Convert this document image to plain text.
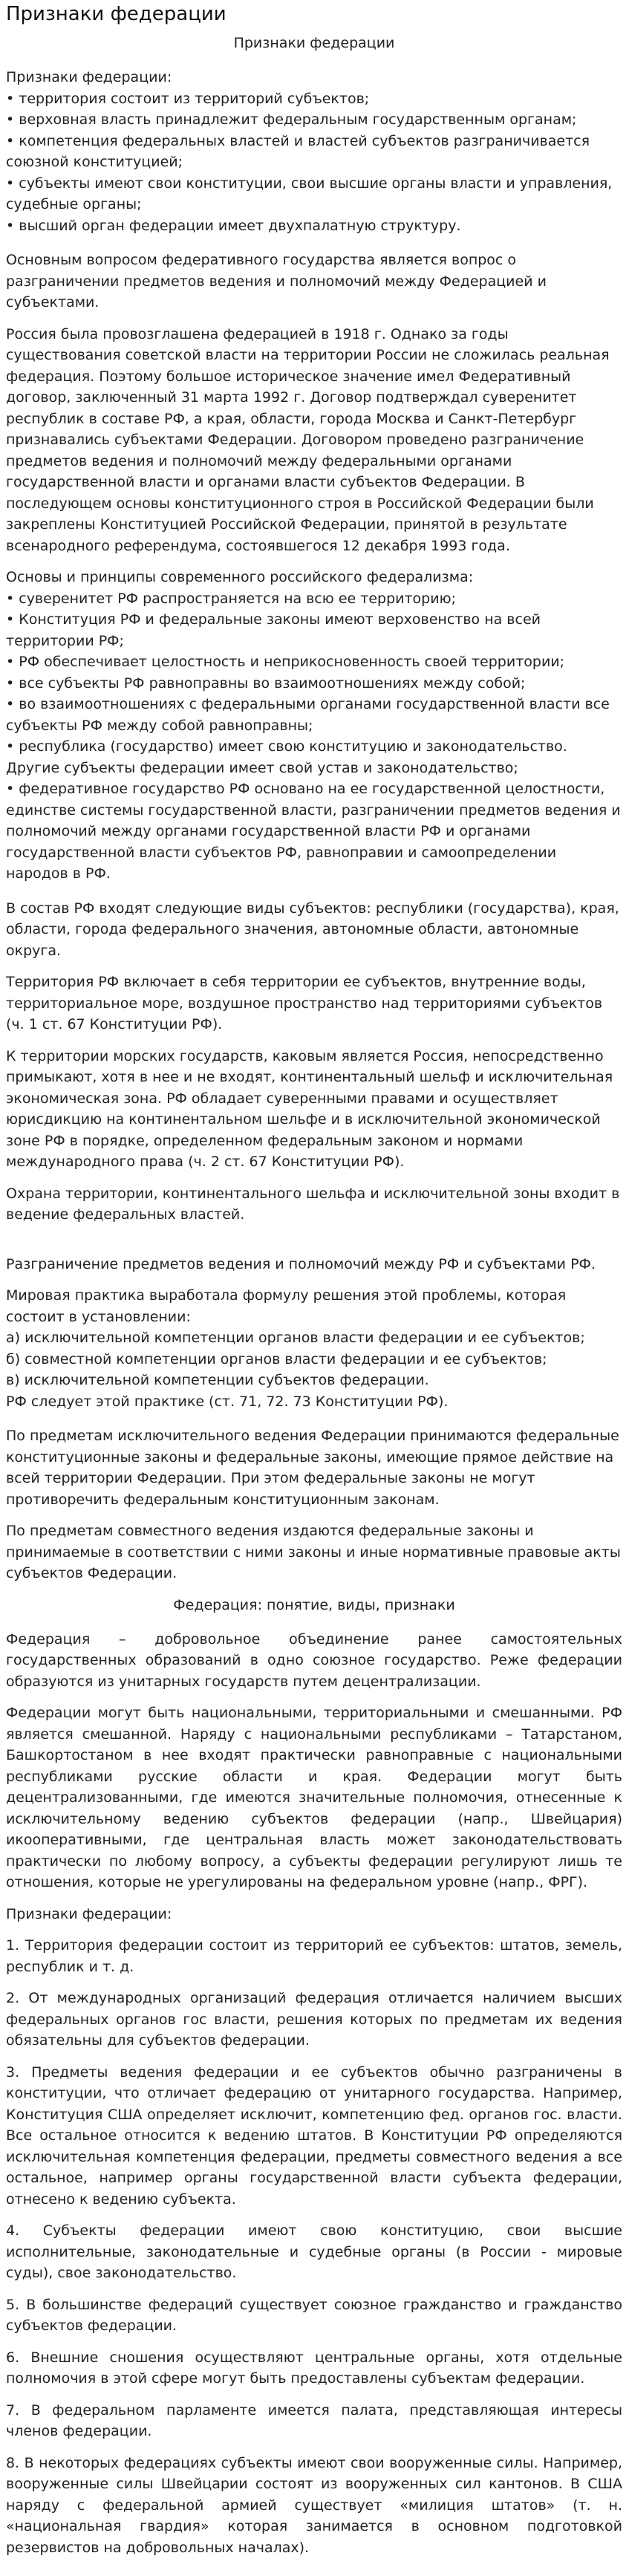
Признаки федерации
Признаки федерации
Признаки федерации:
• территория состоит из территорий субъектов;
• верховная власть принадлежит федеральным государственным органам;
• компетенция федеральных властей и властей субъектов разграничивается союзной конституцией;
• субъекты имеют свои конституции, свои высшие органы власти и управления, судебные органы;
• высший орган федерации имеет двухпалатную структуру.

Основным вопросом федеративного государства является вопрос о разграничении предметов ведения и полномочий между Федерацией и субъектами.

Россия была провозглашена федерацией в 1918 г. Однако за годы существования советской власти на территории России не сложилась реальная федерация. Поэтому большое историческое значение имел Федеративный договор, заключенный 31 марта 1992 г. Договор подтверждал суверенитет республик в составе РФ, а края, области, города Москва и Санкт-Петербург признавались субъектами Федерации. Договором проведено разграничение предметов ведения и полномочий между федеральными органами государственной власти и органами власти субъектов Федерации. В последующем основы конституционного строя в Российской Федерации были закреплены Конституцией Российской Федерации, принятой в результате всенародного референдума, состоявшегося 12 декабря 1993 года.

Основы и принципы современного российского федерализма:
• суверенитет РФ распространяется на всю ее территорию;
• Конституция РФ и федеральные законы имеют верховенство на всей территории РФ;
• РФ обеспечивает целостность и неприкосновенность своей территории;
• все субъекты РФ равноправны во взаимоотношениях между собой;
• во взаимоотношениях с федеральными органами государственной власти все субъекты РФ между собой равноправны;
• республика (государство) имеет свою конституцию и законодательство. Другие субъекты федерации имеет свой устав и законодательство;
• федеративное государство РФ основано на ее государственной целостности, единстве системы государственной власти, разграничении предметов ведения и полномочий между органами государственной власти РФ и органами государственной власти субъектов РФ, равноправии и самоопределении народов в РФ.

В состав РФ входят следующие виды субъектов: республики (государства), края, области, города федерального значения, автономные области, автономные округа.

Территория РФ включает в себя территории ее субъектов, внутренние воды, территориальное море, воздушное пространство над территориями субъектов (ч. 1 ст. 67 Конституции РФ).

К территории морских государств, каковым является Россия, непосредственно примыкают, хотя в нее и не входят, континентальный шельф и исключительная экономическая зона. РФ обладает суверенными правами и осуществляет юрисдикцию на континентальном шельфе и в исключительной экономической зоне РФ в порядке, определенном федеральным законом и нормами международного права (ч. 2 ст. 67 Конституции РФ).

Охрана территории, континентального шельфа и исключительной зоны входит в ведение федеральных властей.

Разграничение предметов ведения и полномочий между РФ и субъектами РФ.

Мировая практика выработала формулу решения этой проблемы, которая состоит в установлении:
а) исключительной компетенции органов власти федерации и ее субъектов;
б) совместной компетенции органов власти федерации и ее субъектов;
в) исключительной компетенции субъектов федерации.
РФ следует этой практике (ст. 71, 72. 73 Конституции РФ).

По предметам исключительного ведения Федерации принимаются федеральные конституционные законы и федеральные законы, имеющие прямое действие на всей территории Федерации. При этом федеральные законы не могут противоречить федеральным конституционным законам.

По предметам совместного ведения издаются федеральные законы и принимаемые в соответствии с ними законы и иные нормативные правовые акты субъектов Федерации.

Федерация: понятие, виды, признаки

Федерация – добровольное объединение ранее самостоятельных государственных образований в одно союзное государство. Реже федерации образуются из унитарных государств путем децентрализации.

Федерации могут быть национальными, территориальными и смешанными. РФ является смешанной. Наряду с национальными республиками – Татарстаном, Башкортостаном в нее входят практически равноправные с национальными республиками русские области и края. Федерации могут быть децентрализованными, где имеются значительные полномочия, отнесенные к исключительному ведению субъектов федерации (напр., Швейцария) икооперативными, где центральная власть может законодательствовать практически по любому вопросу, а субъекты федерации регулируют лишь те отношения, которые не урегулированы на федеральном уровне (напр., ФРГ).

Признаки федерации:

1. Территория федерации состоит из территорий ее субъектов: штатов, земель, республик и т. д.

2. От международных организаций федерация отличается наличием высших федеральных органов гос власти, решения которых по предметам их ведения обязательны для субъектов федерации.

3. Предметы ведения федерации и ее субъектов обычно разграничены в конституции, что отличает федерацию от унитарного государства. Например, Конституция США определяет исключит, компетенцию фед. органов гос. власти. Все остальное относится к ведению штатов. В Конституции РФ определяются исключительная компетенция федерации, предметы совместного ведения а все остальное, например органы государственной власти субъекта федерации, отнесено к ведению субъекта.

4. Субъекты федерации имеют свою конституцию, свои высшие исполнительные, законодательные и судебные органы (в России - мировые суды), свое законодательство.

5. В большинстве федераций существует союзное гражданство и гражданство субъектов федерации.

6. Внешние сношения осуществляют центральные органы, хотя отдельные полномочия в этой сфере могут быть предоставлены субъектам федерации.

7. В федеральном парламенте имеется палата, представляющая интересы членов федерации.

8. В некоторых федерациях субъекты имеют свои вооруженные силы. Например, вооруженные силы Швейцарии состоят из вооруженных сил кантонов. В США наряду с федеральной армией существует «милиция штатов» (т. н. «национальная гвардия» которая занимается в основном подготовкой резервистов на добровольных началах).
